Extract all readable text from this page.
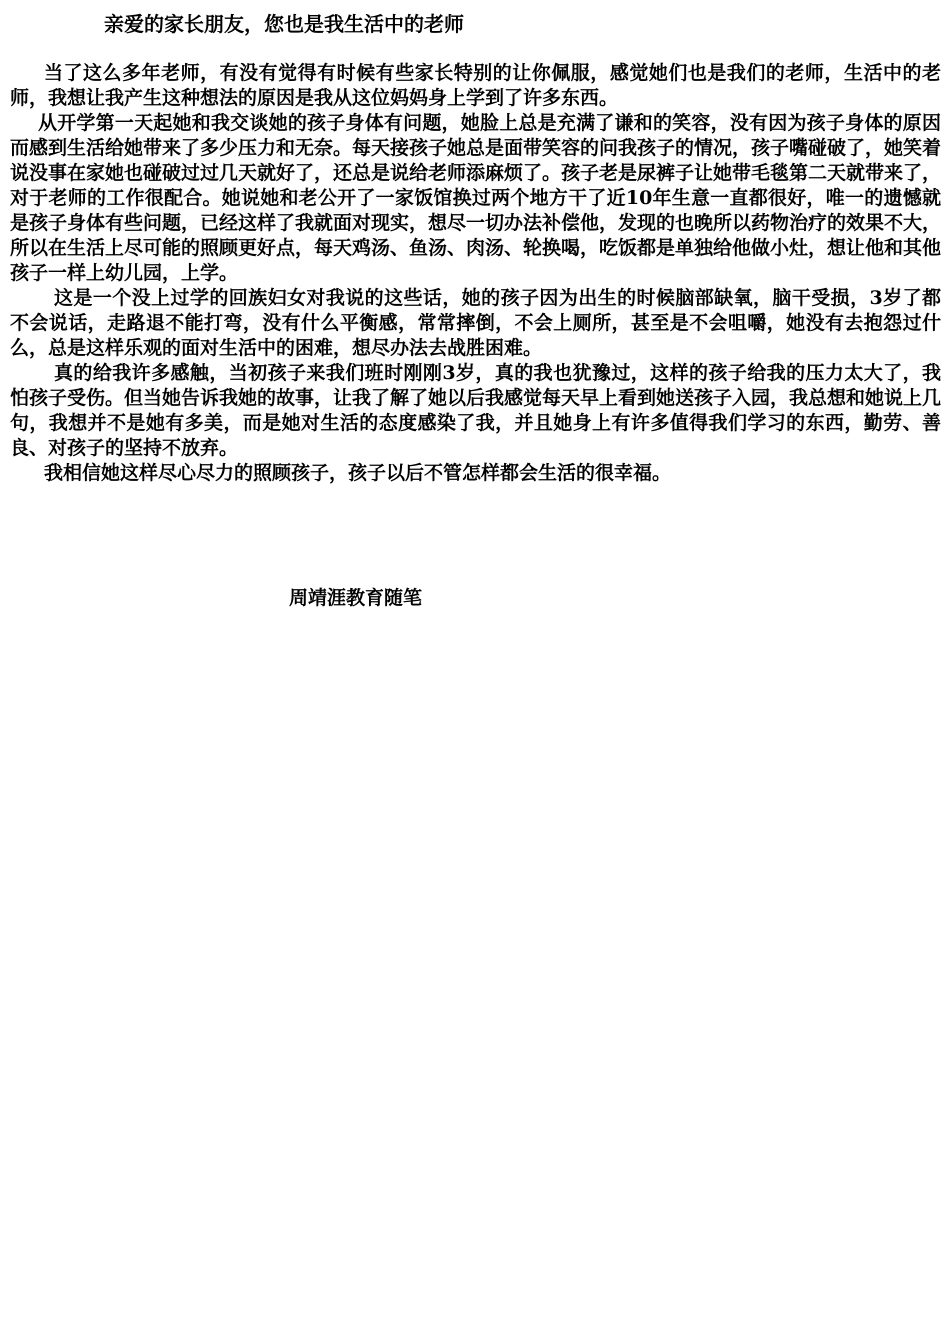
亲爱的家长朋友，您也是我生活中的老师

当了这么多年老师，有没有觉得有时候有些家长特别的让你佩服，感觉她们也是我们的老师，生活中的老师，我想让我产生这种想法的原因是我从这位妈妈身上学到了许多东西。

从开学第一天起她和我交谈她的孩子身体有问题，她脸上总是充满了谦和的笑容，没有因为孩子身体的原因而感到生活给她带来了多少压力和无奈。每天接孩子她总是面带笑容的问我孩子的情况，孩子嘴碰破了，她笑着说没事在家她也碰破过过几天就好了，还总是说给老师添麻烦了。孩子老是尿裤子让她带毛毯第二天就带来了，对于老师的工作很配合。她说她和老公开了一家饭馆换过两个地方干了近10年生意一直都很好，唯一的遗憾就是孩子身体有些问题，已经这样了我就面对现实，想尽一切办法补偿他，发现的也晚所以药物治疗的效果不大，所以在生活上尽可能的照顾更好点，每天鸡汤、鱼汤、肉汤、轮换喝，吃饭都是单独给他做小灶，想让他和其他孩子一样上幼儿园，上学。

这是一个没上过学的回族妇女对我说的这些话，她的孩子因为出生的时候脑部缺氧，脑干受损，3岁了都不会说话，走路退不能打弯，没有什么平衡感，常常摔倒，不会上厕所，甚至是不会咀嚼，她没有去抱怨过什么，总是这样乐观的面对生活中的困难，想尽办法去战胜困难。

真的给我许多感触，当初孩子来我们班时刚刚3岁，真的我也犹豫过，这样的孩子给我的压力太大了，我怕孩子受伤。但当她告诉我她的故事，让我了解了她以后我感觉每天早上看到她送孩子入园，我总想和她说上几句，我想并不是她有多美，而是她对生活的态度感染了我，并且她身上有许多值得我们学习的东西，勤劳、善良、对孩子的坚持不放弃。

我相信她这样尽心尽力的照顾孩子，孩子以后不管怎样都会生活的很幸福。

周靖涯教育随笔
